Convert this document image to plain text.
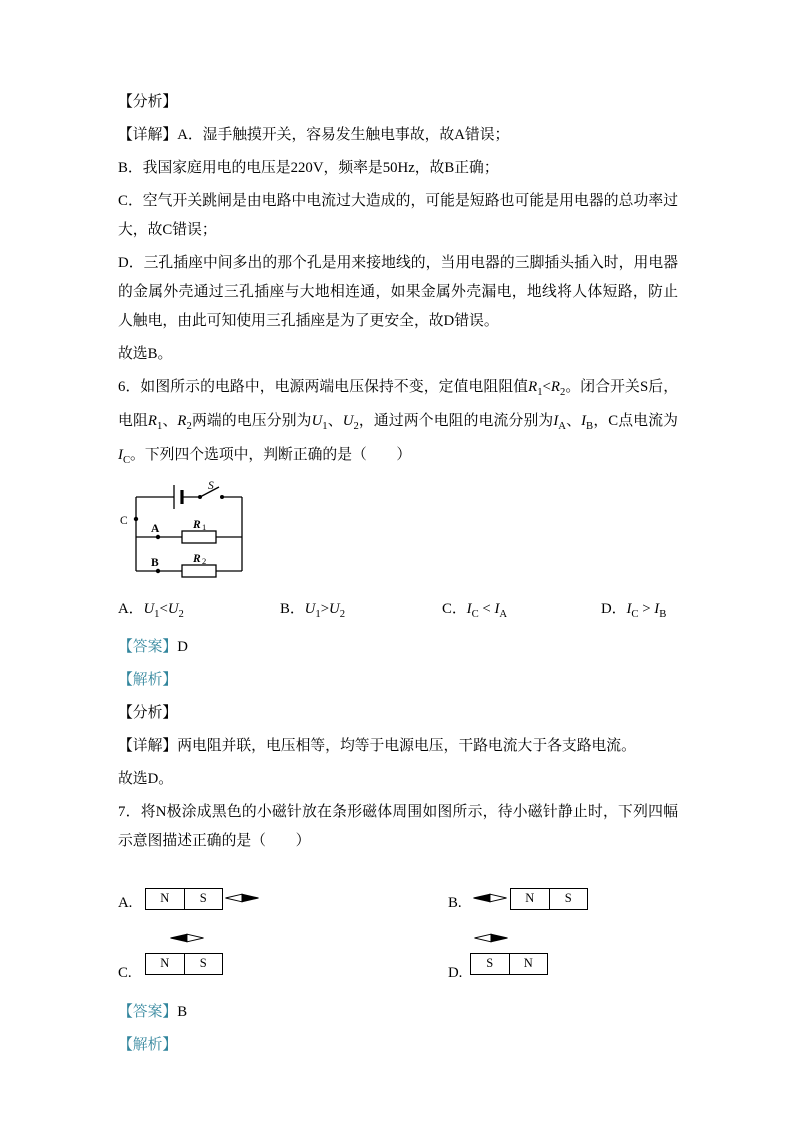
【分析】

【详解】A．湿手触摸开关，容易发生触电事故，故A错误；

B．我国家庭用电的电压是220V，频率是50Hz，故B正确；

C．空气开关跳闸是由电路中电流过大造成的，可能是短路也可能是用电器的总功率过大，故C错误；

D．三孔插座中间多出的那个孔是用来接地线的，当用电器的三脚插头插入时，用电器的金属外壳通过三孔插座与大地相连通，如果金属外壳漏电，地线将人体短路，防止人触电，由此可知使用三孔插座是为了更安全，故D错误。

故选B。

6．如图所示的电路中，电源两端电压保持不变，定值电阻阻值$R_1<R_2$。闭合开关S后，电阻$R_1$、$R_2$两端的电压分别为$U_1$、$U_2$，通过两个电阻的电流分别为$I_A$、$I_B$，C点电流为$I_C$。下列四个选项中，判断正确的是（　　）

S
C
A
B
R 1
R 2
A．$U_1<U_2$	B．$U_1>U_2$	C．$I_C < I_A$	D．$I_C > I_B$

【答案】D

【解析】

【分析】

【详解】两电阻并联，电压相等，均等于电源电压，干路电流大于各支路电流。

故选D。

7．将N极涂成黑色的小磁针放在条形磁体周围如图所示，待小磁针静止时，下列四幅示意图描述正确的是（　　）

A.	N	S	B.	N	S
N	S
C.
S	N
D.

【答案】B

【解析】
